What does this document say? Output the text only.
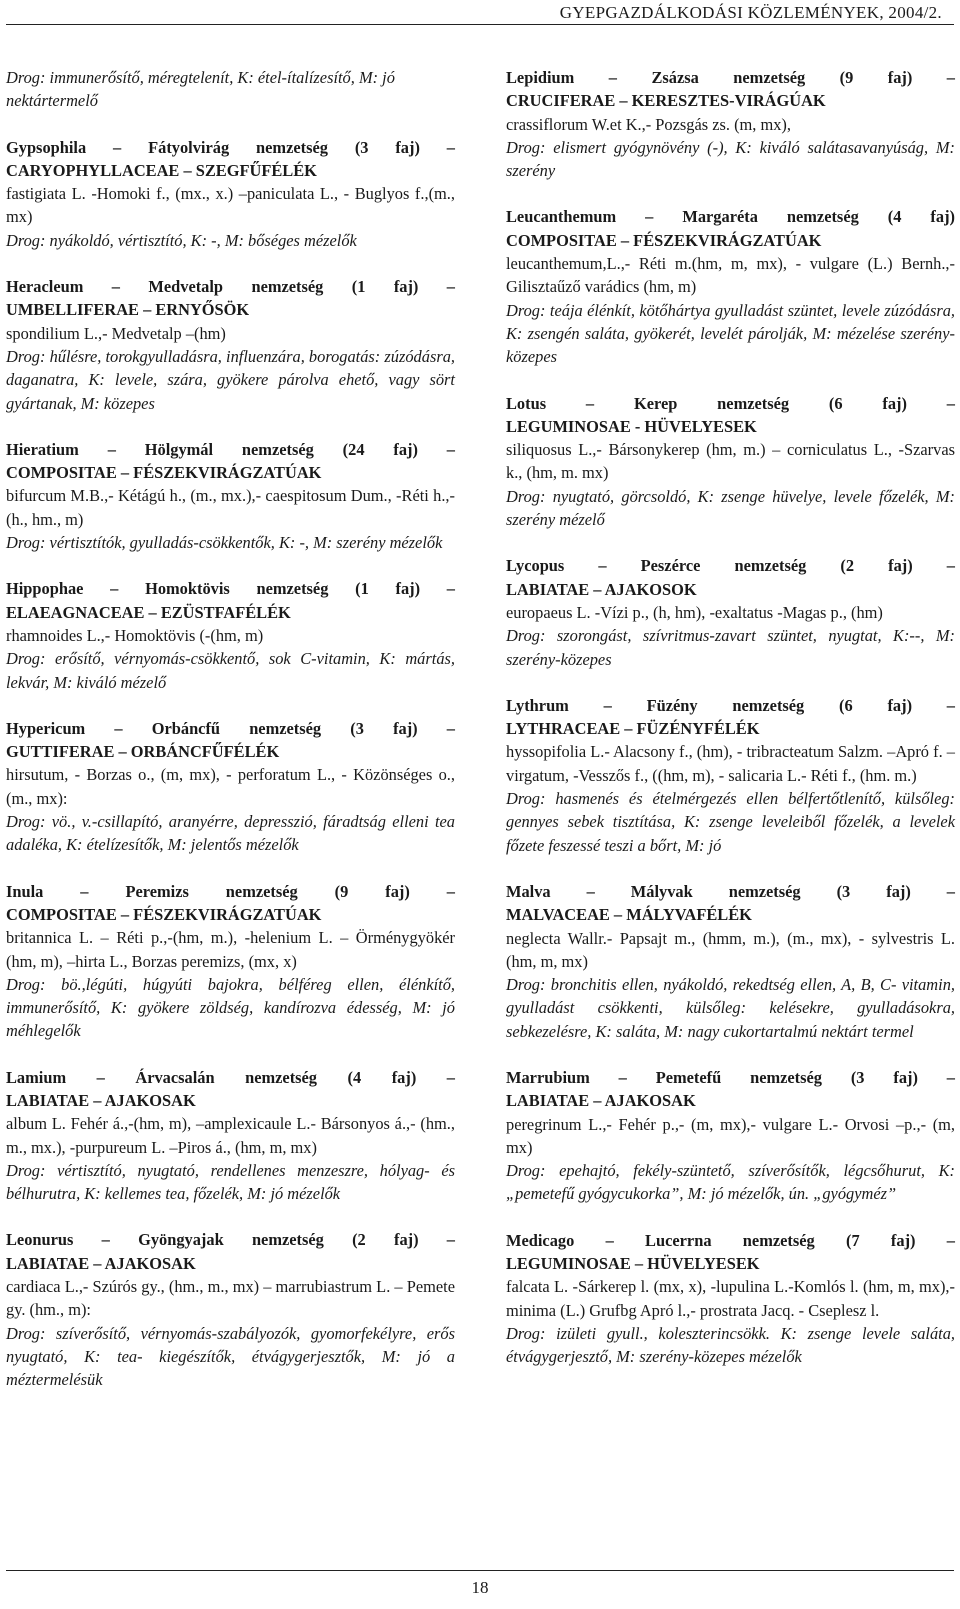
GYEPGAZDÁLKODÁSI KÖZLEMÉNYEK, 2004/2.

Drog: immunerősítő, méregtelenít, K: étel-ítalízesítő, M: jó nektártermelő

Gypsophila – Fátyolvirág nemzetség (3 faj) –

CARYOPHYLLACEAE – SZEGFŰFÉLÉK

fastigiata L. -Homoki f., (mx., x.) –paniculata L., - Buglyos f.,(m., mx)

Drog: nyákoldó, vértisztító, K: -, M: bőséges mézelők

Heracleum – Medvetalp nemzetség (1 faj) –

UMBELLIFERAE – ERNYŐSÖK

spondilium L.,- Medvetalp –(hm)

Drog: hűlésre, torokgyulladásra, influenzára, borogatás: zúzódásra, daganatra, K: levele, szára, gyökere párolva ehető, vagy sört gyártanak, M: közepes

Hieratium – Hölgymál nemzetség (24 faj) –

COMPOSITAE – FÉSZEKVIRÁGZATÚAK

bifurcum M.B.,- Kétágú h., (m., mx.),- caespitosum Dum., -Réti h.,-(h., hm., m)

Drog: vértisztítók, gyulladás-csökkentők, K: -, M: szerény mézelők

Hippophae – Homoktövis nemzetség (1 faj) –

ELAEAGNACEAE – EZÜSTFAFÉLÉK

rhamnoides L.,- Homoktövis (-(hm, m)

Drog: erősítő, vérnyomás-csökkentő, sok C-vitamin, K: mártás, lekvár, M: kiváló mézelő

Hypericum – Orbáncfű nemzetség (3 faj) –

GUTTIFERAE – ORBÁNCFŰFÉLÉK

hirsutum, - Borzas o., (m, mx), - perforatum L., - Közönséges o., (m., mx):

Drog: vö., v.-csillapító, aranyérre, depresszió, fáradtság elleni tea adaléka, K: ételízesítők, M: jelentős mézelők

Inula – Peremizs nemzetség (9 faj) –

COMPOSITAE – FÉSZEKVIRÁGZATÚAK

britannica L. – Réti p.,-(hm, m.), -helenium L. – Örménygyökér (hm, m), –hirta L., Borzas peremizs, (mx, x)

Drog: bö.,légúti, húgyúti bajokra, bélféreg ellen, élénkítő, immunerősítő, K: gyökere zöldség, kandírozva édesség, M: jó méhlegelők

Lamium – Árvacsalán nemzetség (4 faj) –

LABIATAE – AJAKOSAK

album L. Fehér á.,-(hm, m), –amplexicaule L.- Bársonyos á.,- (hm., m., mx.), -purpureum L. –Piros á., (hm, m, mx)

Drog: vértisztító, nyugtató, rendellenes menzeszre, hólyag- és bélhurutra, K: kellemes tea, főzelék, M: jó mézelők

Leonurus – Gyöngyajak nemzetség (2 faj) –

LABIATAE – AJAKOSAK

cardiaca L.,- Szúrós gy., (hm., m., mx) – marrubiastrum L. – Pemete gy. (hm., m):

Drog: szíverősítő, vérnyomás-szabályozók, gyomorfekélyre, erős nyugtató, K: tea- kiegészítők, étvágygerjesztők, M: jó a méztermelésük

Lepidium – Zsázsa nemzetség (9 faj) –

CRUCIFERAE – KERESZTES-VIRÁGÚAK

crassiflorum W.et K.,- Pozsgás zs. (m, mx),

Drog: elismert gyógynövény (-), K: kiváló salátasavanyúság, M: szerény

Leucanthemum – Margaréta nemzetség (4 faj)

COMPOSITAE – FÉSZEKVIRÁGZATÚAK

leucanthemum,L.,- Réti m.(hm, m, mx), - vulgare (L.) Bernh.,- Gilisztaűző varádics (hm, m)

Drog: teája élénkít, kötőhártya gyulladást szüntet, levele zúzódásra, K: zsengén saláta, gyökerét, levelét párolják, M: mézelése szerény-közepes

Lotus – Kerep nemzetség (6 faj) –

LEGUMINOSAE - HÜVELYESEK

siliquosus L.,- Bársonykerep (hm, m.) – corniculatus L., -Szarvas k., (hm, m. mx)

Drog: nyugtató, görcsoldó, K: zsenge hüvelye, levele főzelék, M: szerény mézelő

Lycopus – Peszérce nemzetség (2 faj) –

LABIATAE – AJAKOSOK

europaeus L. -Vízi p., (h, hm), -exaltatus -Magas p., (hm)

Drog: szorongást, szívritmus-zavart szüntet, nyugtat, K:--, M: szerény-közepes

Lythrum – Füzény nemzetség (6 faj) –

LYTHRACEAE – FÜZÉNYFÉLÉK

hyssopifolia L.- Alacsony f., (hm), - tribracteatum Salzm. –Apró f. –virgatum, -Vesszős f., ((hm, m), - salicaria L.- Réti f., (hm. m.)

Drog: hasmenés és ételmérgezés ellen bélfertőtlenítő, külsőleg: gennyes sebek tisztítása, K: zsenge leveleiből főzelék, a levelek főzete feszessé teszi a bőrt, M: jó

Malva – Mályvak nemzetség (3 faj) –

MALVACEAE – MÁLYVAFÉLÉK

neglecta Wallr.- Papsajt m., (hmm, m.), (m., mx), - sylvestris L. (hm, m, mx)

Drog: bronchitis ellen, nyákoldó, rekedtség ellen, A, B, C- vitamin, gyulladást csökkenti, külsőleg: kelésekre, gyulladásokra, sebkezelésre, K: saláta, M: nagy cukortartalmú nektárt termel

Marrubium – Pemetefű nemzetség (3 faj) –

LABIATAE – AJAKOSAK

peregrinum L.,- Fehér p.,- (m, mx),- vulgare L.- Orvosi –p.,- (m, mx)

Drog: epehajtó, fekély-szüntető, szíverősítők, légcsőhurut, K: „pemetefű gyógycukorka”, M: jó mézelők, ún. „gyógyméz”

Medicago – Lucerrna nemzetség (7 faj) –

LEGUMINOSAE – HÜVELYESEK

falcata L. -Sárkerep l. (mx, x), -lupulina L.-Komlós l. (hm, m, mx),-minima (L.) Grufbg Apró l.,- prostrata Jacq. - Cseplesz l.

Drog: izületi gyull., koleszterincsökk. K: zsenge levele saláta, étvágygerjesztő, M: szerény-közepes mézelők

18
